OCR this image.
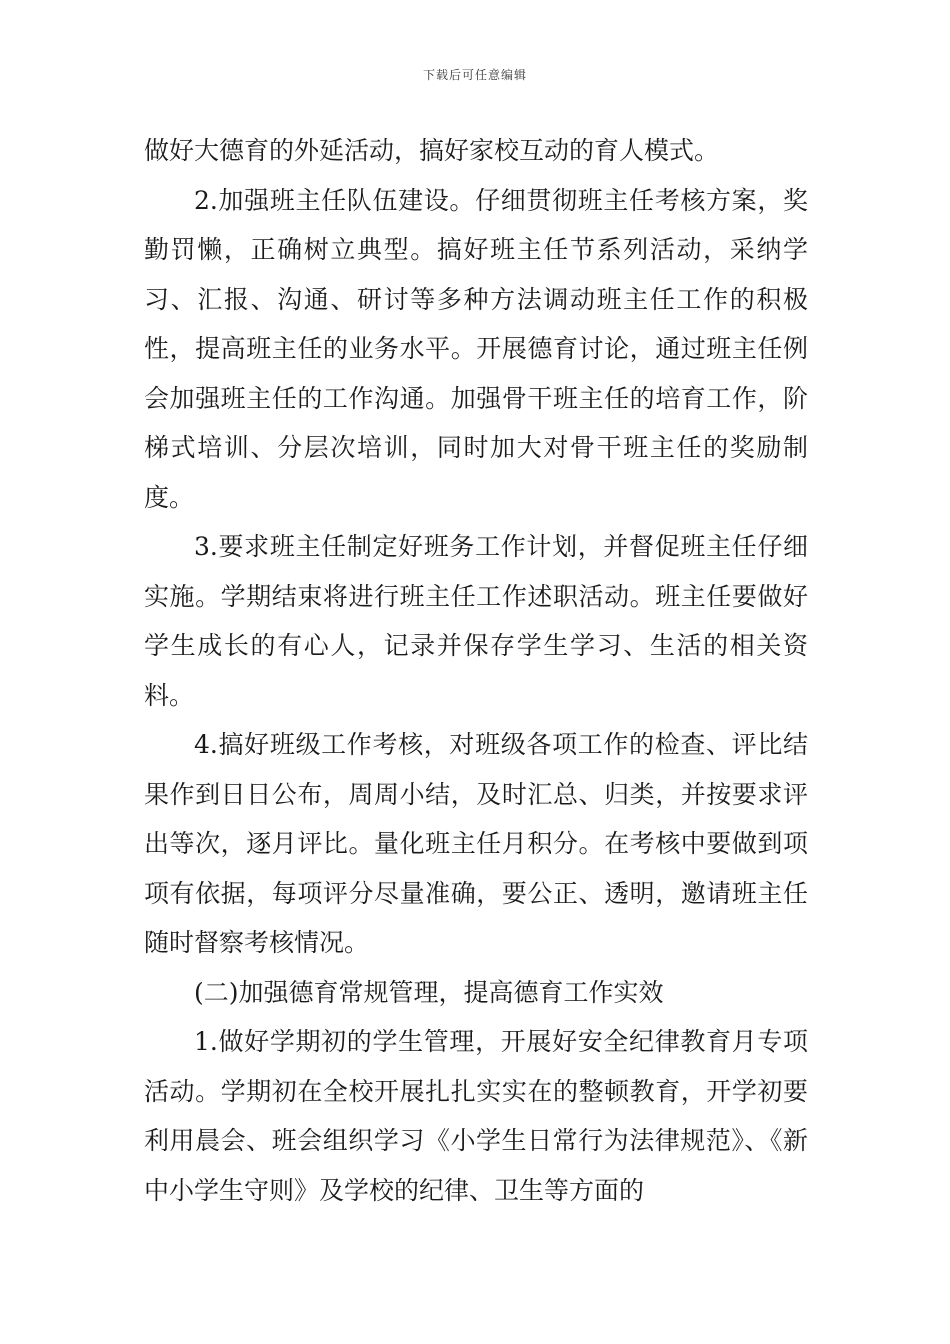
下载后可任意编辑

做好大德育的外延活动，搞好家校互动的育人模式。

2.加强班主任队伍建设。仔细贯彻班主任考核方案，奖勤罚懒，正确树立典型。搞好班主任节系列活动，采纳学习、汇报、沟通、研讨等多种方法调动班主任工作的积极性，提高班主任的业务水平。开展德育讨论，通过班主任例会加强班主任的工作沟通。加强骨干班主任的培育工作，阶梯式培训、分层次培训，同时加大对骨干班主任的奖励制度。

3.要求班主任制定好班务工作计划，并督促班主任仔细实施。学期结束将进行班主任工作述职活动。班主任要做好学生成长的有心人，记录并保存学生学习、生活的相关资料。

4.搞好班级工作考核，对班级各项工作的检查、评比结果作到日日公布，周周小结，及时汇总、归类，并按要求评出等次，逐月评比。量化班主任月积分。在考核中要做到项项有依据，每项评分尽量准确，要公正、透明，邀请班主任随时督察考核情况。

(二)加强德育常规管理，提高德育工作实效

1.做好学期初的学生管理，开展好安全纪律教育月专项活动。学期初在全校开展扎扎实实在的整顿教育，开学初要利用晨会、班会组织学习《小学生日常行为法律规范》、《新中小学生守则》及学校的纪律、卫生等方面的
